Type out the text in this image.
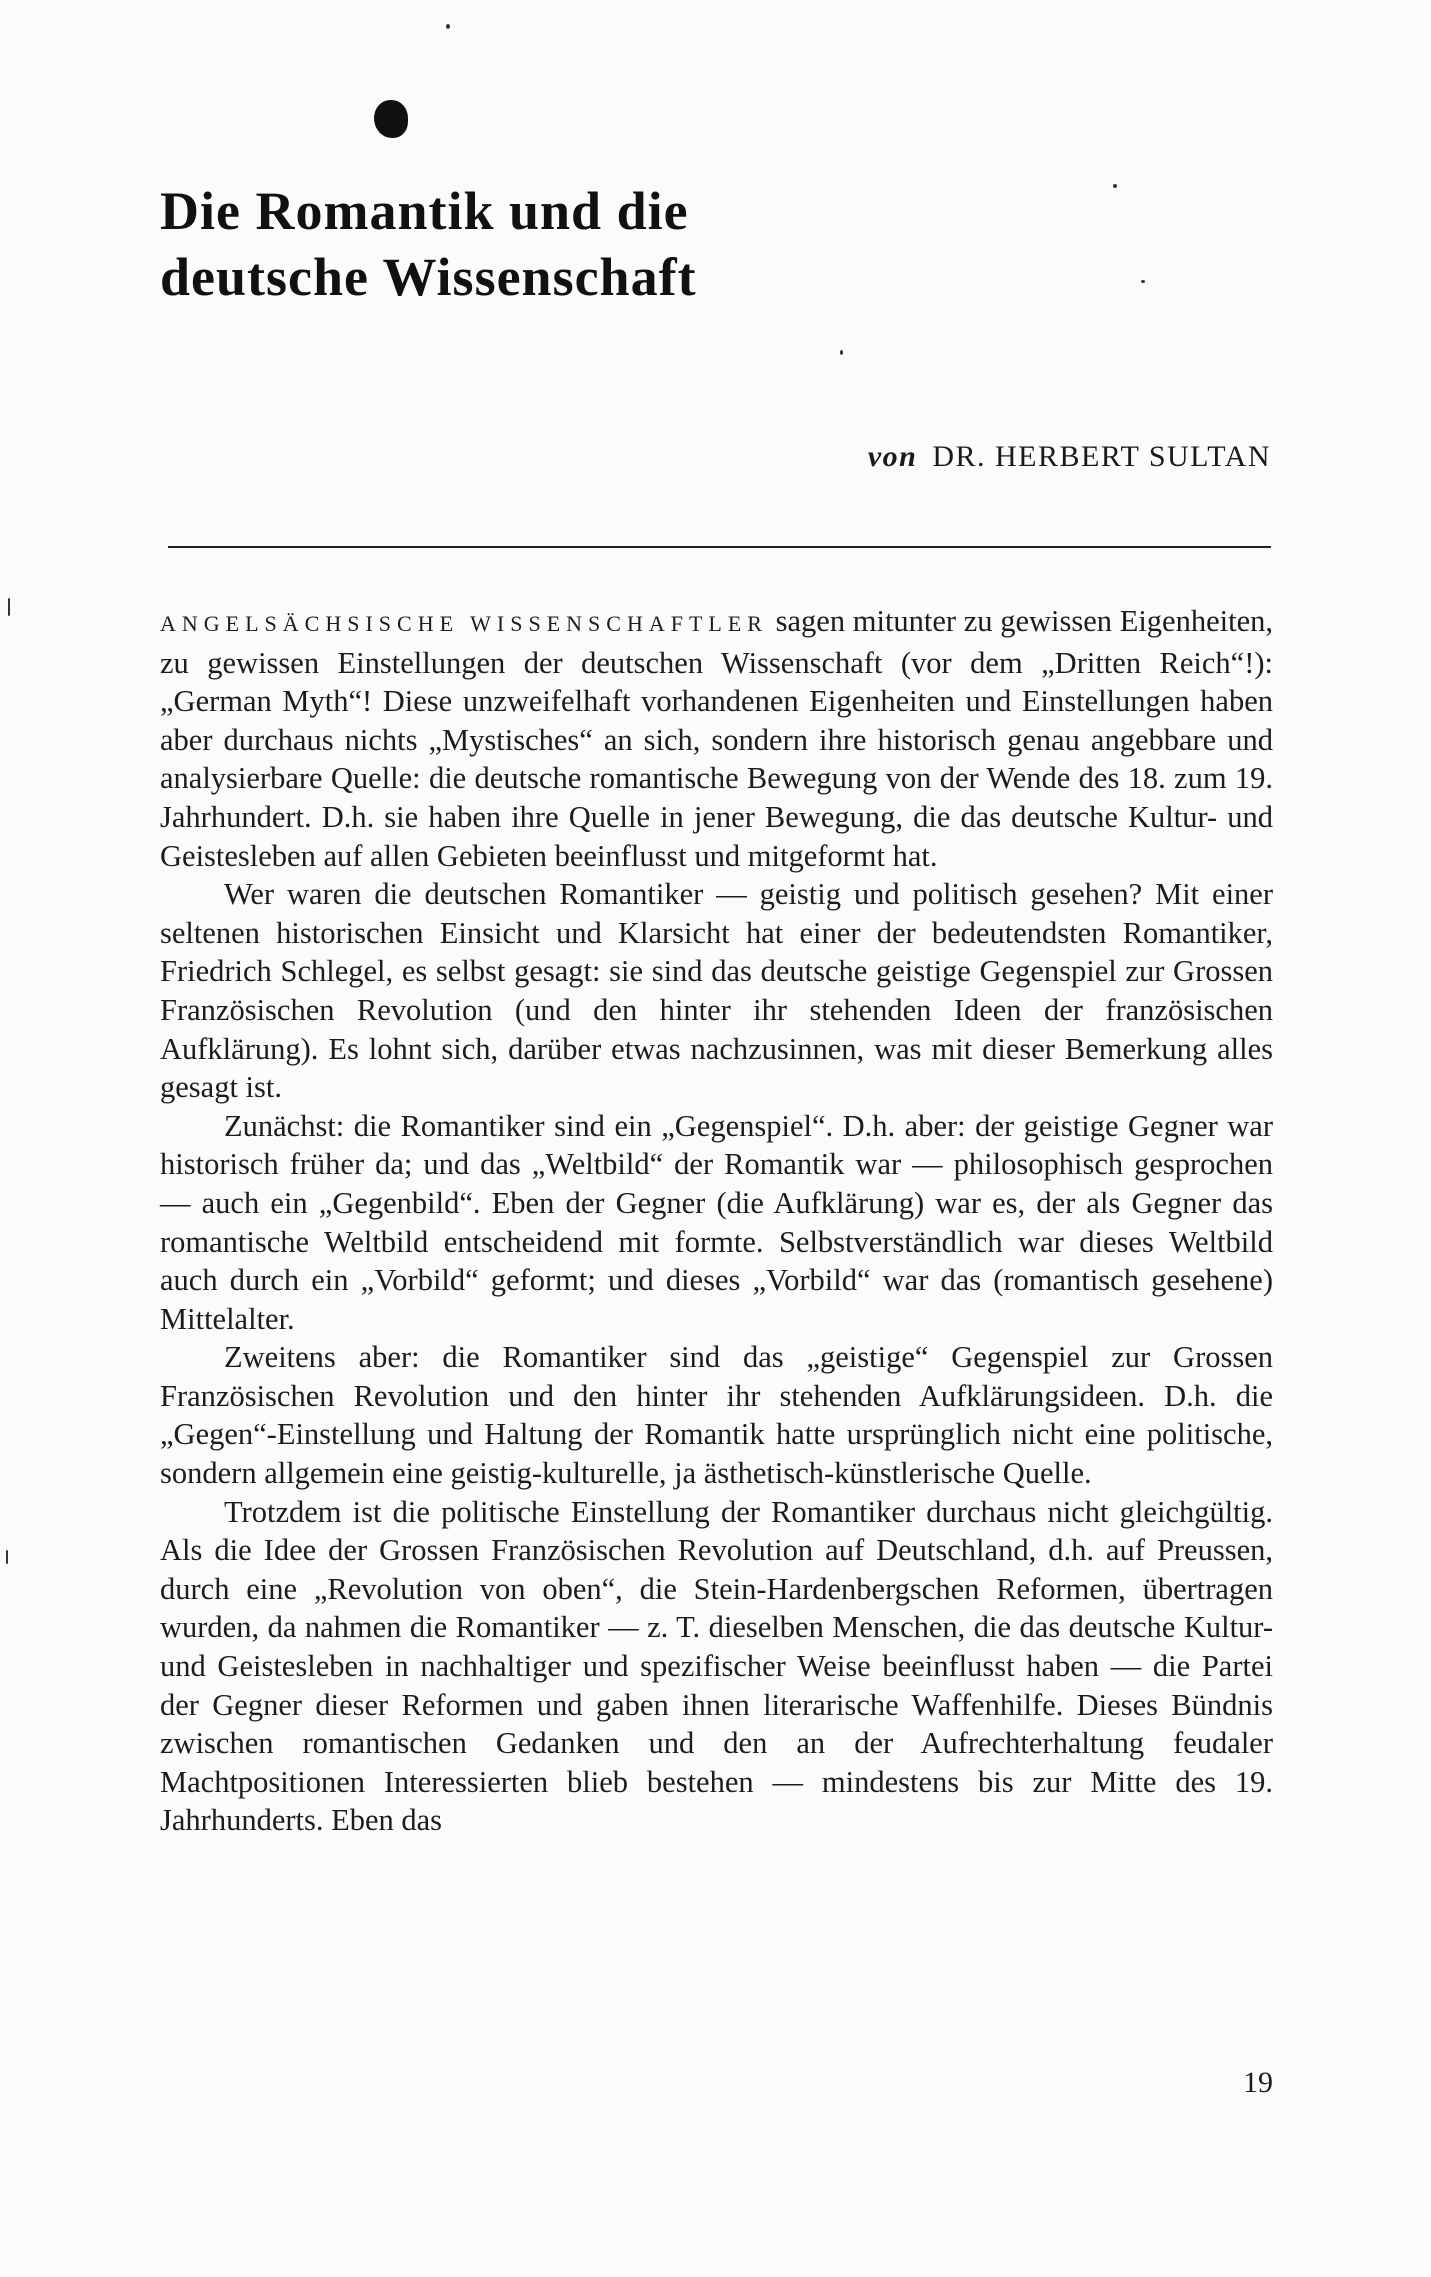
Die Romantik und die
deutsche Wissenschaft
von DR. HERBERT SULTAN

ANGELSÄCHSISCHE WISSENSCHAFTLER sagen mitunter zu gewissen Eigenheiten, zu gewissen Einstellungen der deutschen Wissenschaft (vor dem „Dritten Reich“!): „German Myth“! Diese unzweifelhaft vorhandenen Eigenheiten und Einstellungen haben aber durchaus nichts „Mystisches“ an sich, sondern ihre historisch genau angebbare und analysierbare Quelle: die deutsche romantische Bewegung von der Wende des 18. zum 19. Jahrhundert. D.h. sie haben ihre Quelle in jener Bewegung, die das deutsche Kultur- und Geistesleben auf allen Gebieten beeinflusst und mitgeformt hat.

Wer waren die deutschen Romantiker — geistig und politisch gesehen? Mit einer seltenen historischen Einsicht und Klarsicht hat einer der bedeutendsten Romantiker, Friedrich Schlegel, es selbst gesagt: sie sind das deutsche geistige Gegenspiel zur Grossen Französischen Revolution (und den hinter ihr stehenden Ideen der französischen Aufklärung). Es lohnt sich, darüber etwas nachzusinnen, was mit dieser Bemerkung alles gesagt ist.

Zunächst: die Romantiker sind ein „Gegenspiel“. D.h. aber: der geistige Gegner war historisch früher da; und das „Weltbild“ der Romantik war — philosophisch gesprochen — auch ein „Gegenbild“. Eben der Gegner (die Aufklärung) war es, der als Gegner das romantische Weltbild entscheidend mit formte. Selbstverständlich war dieses Weltbild auch durch ein „Vorbild“ geformt; und dieses „Vorbild“ war das (romantisch gesehene) Mittelalter.

Zweitens aber: die Romantiker sind das „geistige“ Gegenspiel zur Grossen Französischen Revolution und den hinter ihr stehenden Aufklärungsideen. D.h. die „Gegen“-Einstellung und Haltung der Romantik hatte ursprünglich nicht eine politische, sondern allgemein eine geistig-kulturelle, ja ästhetisch-künstlerische Quelle.

Trotzdem ist die politische Einstellung der Romantiker durchaus nicht gleichgültig. Als die Idee der Grossen Französischen Revolution auf Deutschland, d.h. auf Preussen, durch eine „Revolution von oben“, die Stein-Hardenbergschen Reformen, übertragen wurden, da nahmen die Romantiker — z. T. dieselben Menschen, die das deutsche Kultur- und Geistesleben in nachhaltiger und spezifischer Weise beeinflusst haben — die Partei der Gegner dieser Reformen und gaben ihnen literarische Waffenhilfe. Dieses Bündnis zwischen romantischen Gedanken und den an der Aufrechterhaltung feudaler Machtpositionen Interessierten blieb bestehen — mindestens bis zur Mitte des 19. Jahrhunderts. Eben das

19
